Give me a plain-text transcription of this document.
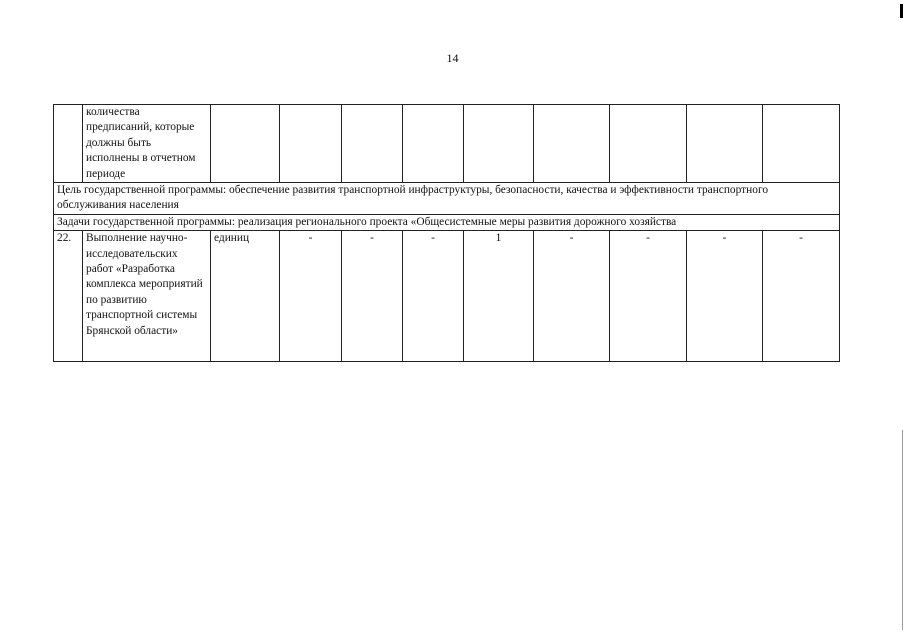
14
	количества предписаний, которые должны быть исполнены в отчетном периоде									
Цель государственной программы: обеспечение развития транспортной инфраструктуры, безопасности, качества и эффективности транспортного обслуживания населения										
Задачи государственной программы: реализация регионального проекта «Общесистемные меры развития дорожного хозяйства										
22.	Выполнение научно-исследовательских работ «Разработка комплекса мероприятий по развитию транспортной системы Брянской области»	единиц	-	-	-	1	-	-	-	-
